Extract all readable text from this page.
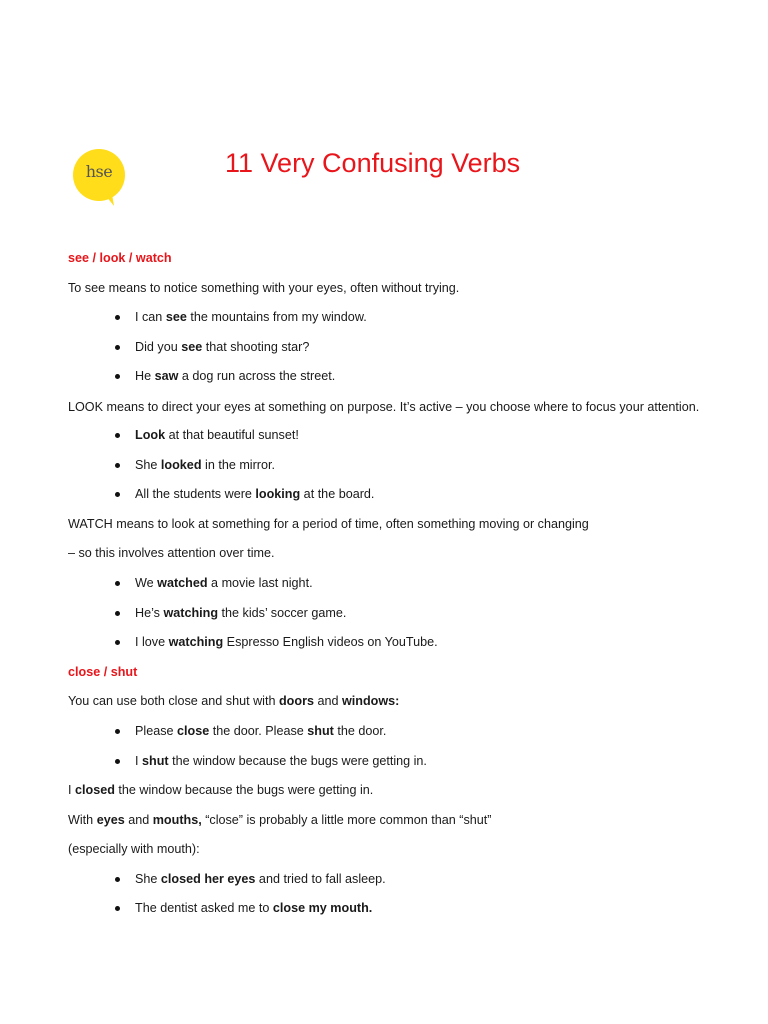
hse	11 Very Confusing Verbs
see / look / watch
To see means to notice something with your eyes, often without trying.
I can see the mountains from my window.
Did you see that shooting star?
He saw a dog run across the street.
LOOK means to direct your eyes at something on purpose. It’s active – you choose where to focus your attention.
Look at that beautiful sunset!
She looked in the mirror.
All the students were looking at the board.
WATCH means to look at something for a period of time, often something moving or changing
– so this involves attention over time.
We watched a movie last night.
He’s watching the kids’ soccer game.
I love watching Espresso English videos on YouTube.
close / shut
You can use both close and shut with doors and windows:
Please close the door. Please shut the door.
I shut the window because the bugs were getting in.
I closed the window because the bugs were getting in.
With eyes and mouths, “close” is probably a little more common than “shut”
(especially with mouth):
She closed her eyes and tried to fall asleep.
The dentist asked me to close my mouth.
